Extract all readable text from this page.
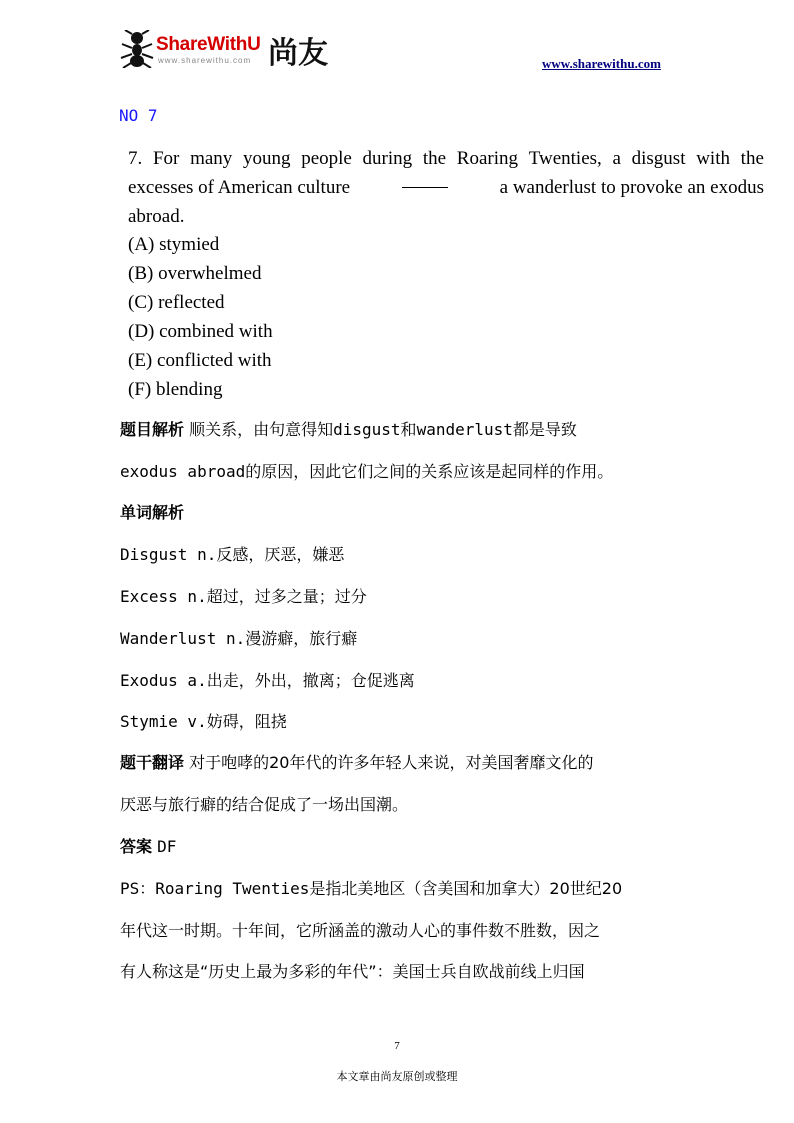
ShareWithU
www.sharewithu.com 尚友	www.sharewithu.com
NO 7
7. For many young people during the Roaring Twenties, a disgust with the
excesses of American culture	a wanderlust to provoke an exodus
abroad.
(A) stymied
(B) overwhelmed
(C) reflected
(D) combined with
(E) conflicted with
(F) blending
题目解析 顺关系，由句意得知disgust和wanderlust都是导致
exodus abroad的原因，因此它们之间的关系应该是起同样的作用。
单词解析
Disgust n.反感，厌恶，嫌恶
Excess n.超过，过多之量；过分
Wanderlust n.漫游癖，旅行癖
Exodus a.出走，外出，撤离；仓促逃离
Stymie v.妨碍，阻挠
题干翻译 对于咆哮的20年代的许多年轻人来说，对美国奢靡文化的
厌恶与旅行癖的结合促成了一场出国潮。
答案 DF
PS：Roaring Twenties是指北美地区（含美国和加拿大）20世纪20
年代这一时期。十年间，它所涵盖的激动人心的事件数不胜数，因之
有人称这是“历史上最为多彩的年代”：美国士兵自欧战前线上归国
7
本文章由尚友原创或整理
